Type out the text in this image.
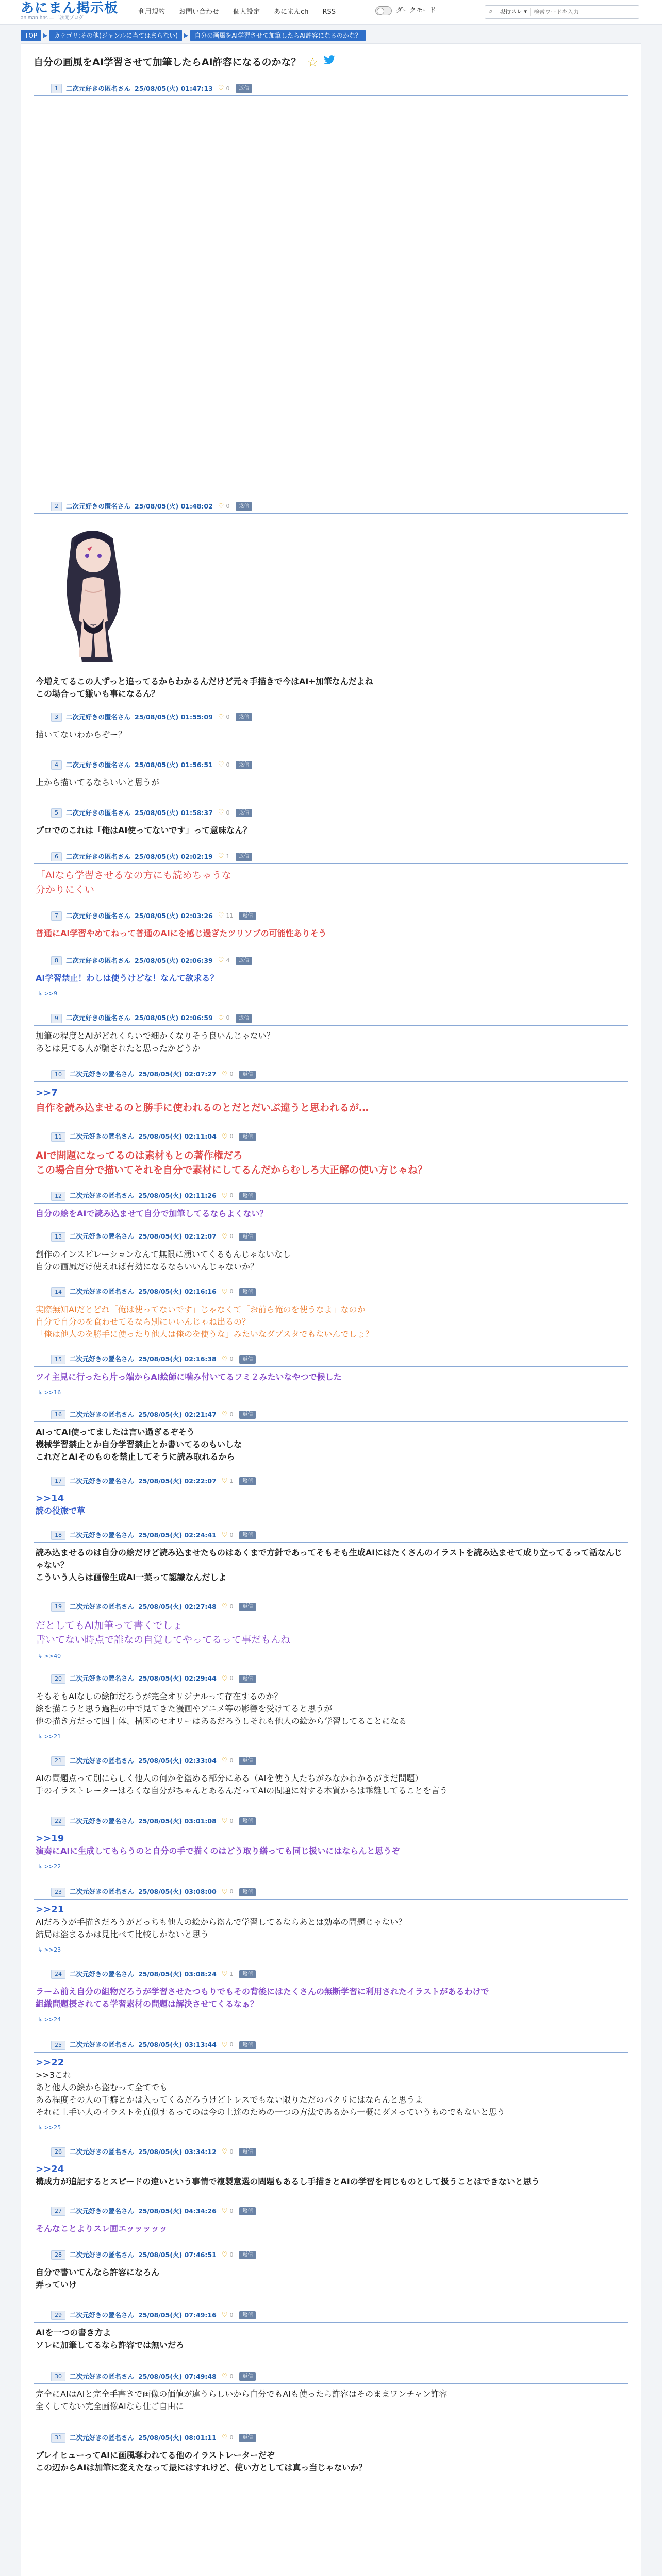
あにまん掲示板
animan bbs ― 二次元ブログ
利用規約 お問い合わせ 個人設定 あにまんch RSS	ダークモード	⌕	現行スレ ▾
検索ワードを入力
TOP	▶	カテゴリ:その他(ジャンルに当てはまらない)	▶	自分の画風をAI学習させて加筆したらAI許容になるのかな？
自分の画風をAI学習させて加筆したらAI許容になるのかな？ ☆
1	二次元好きの匿名さん 25/08/05(火) 01:47:13 ♡ 0	返信
2	二次元好きの匿名さん 25/08/05(火) 01:48:02 ♡ 0	返信
今増えてるこの人ずっと追ってるからわかるんだけど元々手描きで今はAI+加筆なんだよね
この場合って嫌いも事になるん？
3	二次元好きの匿名さん 25/08/05(火) 01:55:09 ♡ 0	返信
描いてないわからぞー？
4	二次元好きの匿名さん 25/08/05(火) 01:56:51 ♡ 0	返信
上から描いてるならいいと思うが
5	二次元好きの匿名さん 25/08/05(火) 01:58:37 ♡ 0	返信
プロでのこれは「俺はAI使ってないです」って意味なん？
6	二次元好きの匿名さん 25/08/05(火) 02:02:19 ♡ 1	返信
「AIなら学習させるなの方にも読めちゃうな
分かりにくい
7	二次元好きの匿名さん 25/08/05(火) 02:03:26 ♡ 11	返信
普通にAI学習やめてねって普通のAIにを感じ過ぎたツリソブの可能性ありそう
8	二次元好きの匿名さん 25/08/05(火) 02:06:39 ♡ 4	返信
AI学習禁止！わしは使うけどな！なんて欲求る？
↳ >>9
9	二次元好きの匿名さん 25/08/05(火) 02:06:59 ♡ 0	返信
加筆の程度とAIがどれくらいで細かくなりそう良いんじゃない？
あとは見てる人が騙されたと思ったかどうか
10	二次元好きの匿名さん 25/08/05(火) 02:07:27 ♡ 0	返信
>>7
自作を読み込ませるのと勝手に使われるのとだとだいぶ違うと思われるが…
11	二次元好きの匿名さん 25/08/05(火) 02:11:04 ♡ 0	返信
AIで問題になってるのは素材もとの著作権だろ
この場合自分で描いてそれを自分で素材にしてるんだからむしろ大正解の使い方じゃね？
12	二次元好きの匿名さん 25/08/05(火) 02:11:26 ♡ 0	返信
自分の絵をAIで読み込ませて自分で加筆してるならよくない？
13	二次元好きの匿名さん 25/08/05(火) 02:12:07 ♡ 0	返信
創作のインスピレーションなんて無限に湧いてくるもんじゃないなし
自分の画風だけ使えれば有効になるならいいんじゃないか？
14	二次元好きの匿名さん 25/08/05(火) 02:16:16 ♡ 0	返信
実際無知AIだとどれ「俺は使ってないです」じゃなくて「お前ら俺のを使うなよ」なのか
自分で自分のを食わせてるなら別にいいんじゃね出るの？
「俺は他人のを勝手に使ったり他人は俺のを使うな」みたいなダブスタでもないんでしょ？
15	二次元好きの匿名さん 25/08/05(火) 02:16:38 ♡ 0	返信
ツイ主見に行ったら片っ端からAI絵師に噛み付いてるフミ２みたいなやつで候した
↳ >>16
16	二次元好きの匿名さん 25/08/05(火) 02:21:47 ♡ 0	返信
AIってAI使ってましたは言い過ぎるぞそう
機械学習禁止とか自分学習禁止とか書いてるのもいしな
これだとAIそのものを禁止してそうに読み取れるから
17	二次元好きの匿名さん 25/08/05(火) 02:22:07 ♡ 1	返信
>>14
読の役旅で草
18	二次元好きの匿名さん 25/08/05(火) 02:24:41 ♡ 0	返信
読み込ませるのは自分の絵だけど読み込ませたものはあくまで方針であってそもそも生成AIにはたくさんのイラストを読み込ませて成り立ってるって話なんじゃない？
こういう人らは画像生成AI一葉って認識なんだしよ
19	二次元好きの匿名さん 25/08/05(火) 02:27:48 ♡ 0	返信
だとしてもAI加筆って書くでしょ
書いてない時点で誰なの自覚してやってるって事だもんね
↳ >>40
20	二次元好きの匿名さん 25/08/05(火) 02:29:44 ♡ 0	返信
そもそもAIなしの絵師だろうが完全オリジナルって存在するのか？
絵を描こうと思う過程の中で見てきた漫画やアニメ等の影響を受けてると思うが
他の描き方だって四十体、構図のセオリーはあるだろうしそれも他人の絵から学習してることになる
↳ >>21
21	二次元好きの匿名さん 25/08/05(火) 02:33:04 ♡ 0	返信
AIの問題点って別にらしく他人の何かを盗める部分にある（AIを使う人たちがみなかわかるがまだ問題）
手のイラストレーターはろくな自分がちゃんとあるんだってAIの問題に対する本質からは乖離してることを言う
22	二次元好きの匿名さん 25/08/05(火) 03:01:08 ♡ 0	返信
>>19
演奏にAIに生成してもらうのと自分の手で描くのはどう取り繕っても同じ扱いにはならんと思うぞ
↳ >>22
23	二次元好きの匿名さん 25/08/05(火) 03:08:00 ♡ 0	返信
>>21
AIだろうが手描きだろうがどっちも他人の絵から盗んで学習してるならあとは効率の問題じゃない？
結局は盗まるかは見比べて比較しかないと思う
↳ >>23
24	二次元好きの匿名さん 25/08/05(火) 03:08:24 ♡ 1	返信
ラーム前え自分の組物だろうが学習させたつもりでもその背後にはたくさんの無断学習に利用されたイラストがあるわけで
組織問題摂されてる学習素材の問題は解決させてくるなぁ？
↳ >>24
25	二次元好きの匿名さん 25/08/05(火) 03:13:44 ♡ 0	返信
>>22
>>3これ
あと他人の絵から盗むって全てでも
ある程度その人の手癖とかは入ってくるだろうけどトレスでもない限りただのパクリにはならんと思うよ
それに上手い人のイラストを真似するってのは今の上達のための一つの方法であるから一概にダメっていうものでもないと思う
↳ >>25
26	二次元好きの匿名さん 25/08/05(火) 03:34:12 ♡ 0	返信
>>24
構成力が追記するとスピードの違いという事情で複製意選の問題もあるし手描きとAIの学習を同じものとして扱うことはできないと思う
27	二次元好きの匿名さん 25/08/05(火) 04:34:26 ♡ 0	返信
そんなことよりスレ画エッッッッッ
28	二次元好きの匿名さん 25/08/05(火) 07:46:51 ♡ 0	返信
自分で書いてんなら許容になろん
弄っていけ
29	二次元好きの匿名さん 25/08/05(火) 07:49:16 ♡ 0	返信
AIを一つの書き方よ
ソレに加筆してるなら許容では無いだろ
30	二次元好きの匿名さん 25/08/05(火) 07:49:48 ♡ 0	返信
完全にAIはAIと完全手書きで画像の価値が違うらしいから自分でもAIも使ったら許容はそのままワンチャン許容
全くしてない完全画像AIなら仕ご自由に
31	二次元好きの匿名さん 25/08/05(火) 08:01:11 ♡ 0	返信
プレイヒューってAIに画風奪われてる他のイラストレーターだぞ
この辺からAIは加筆に変えたなって最にはすれけど、使い方としては真っ当じゃないか？
